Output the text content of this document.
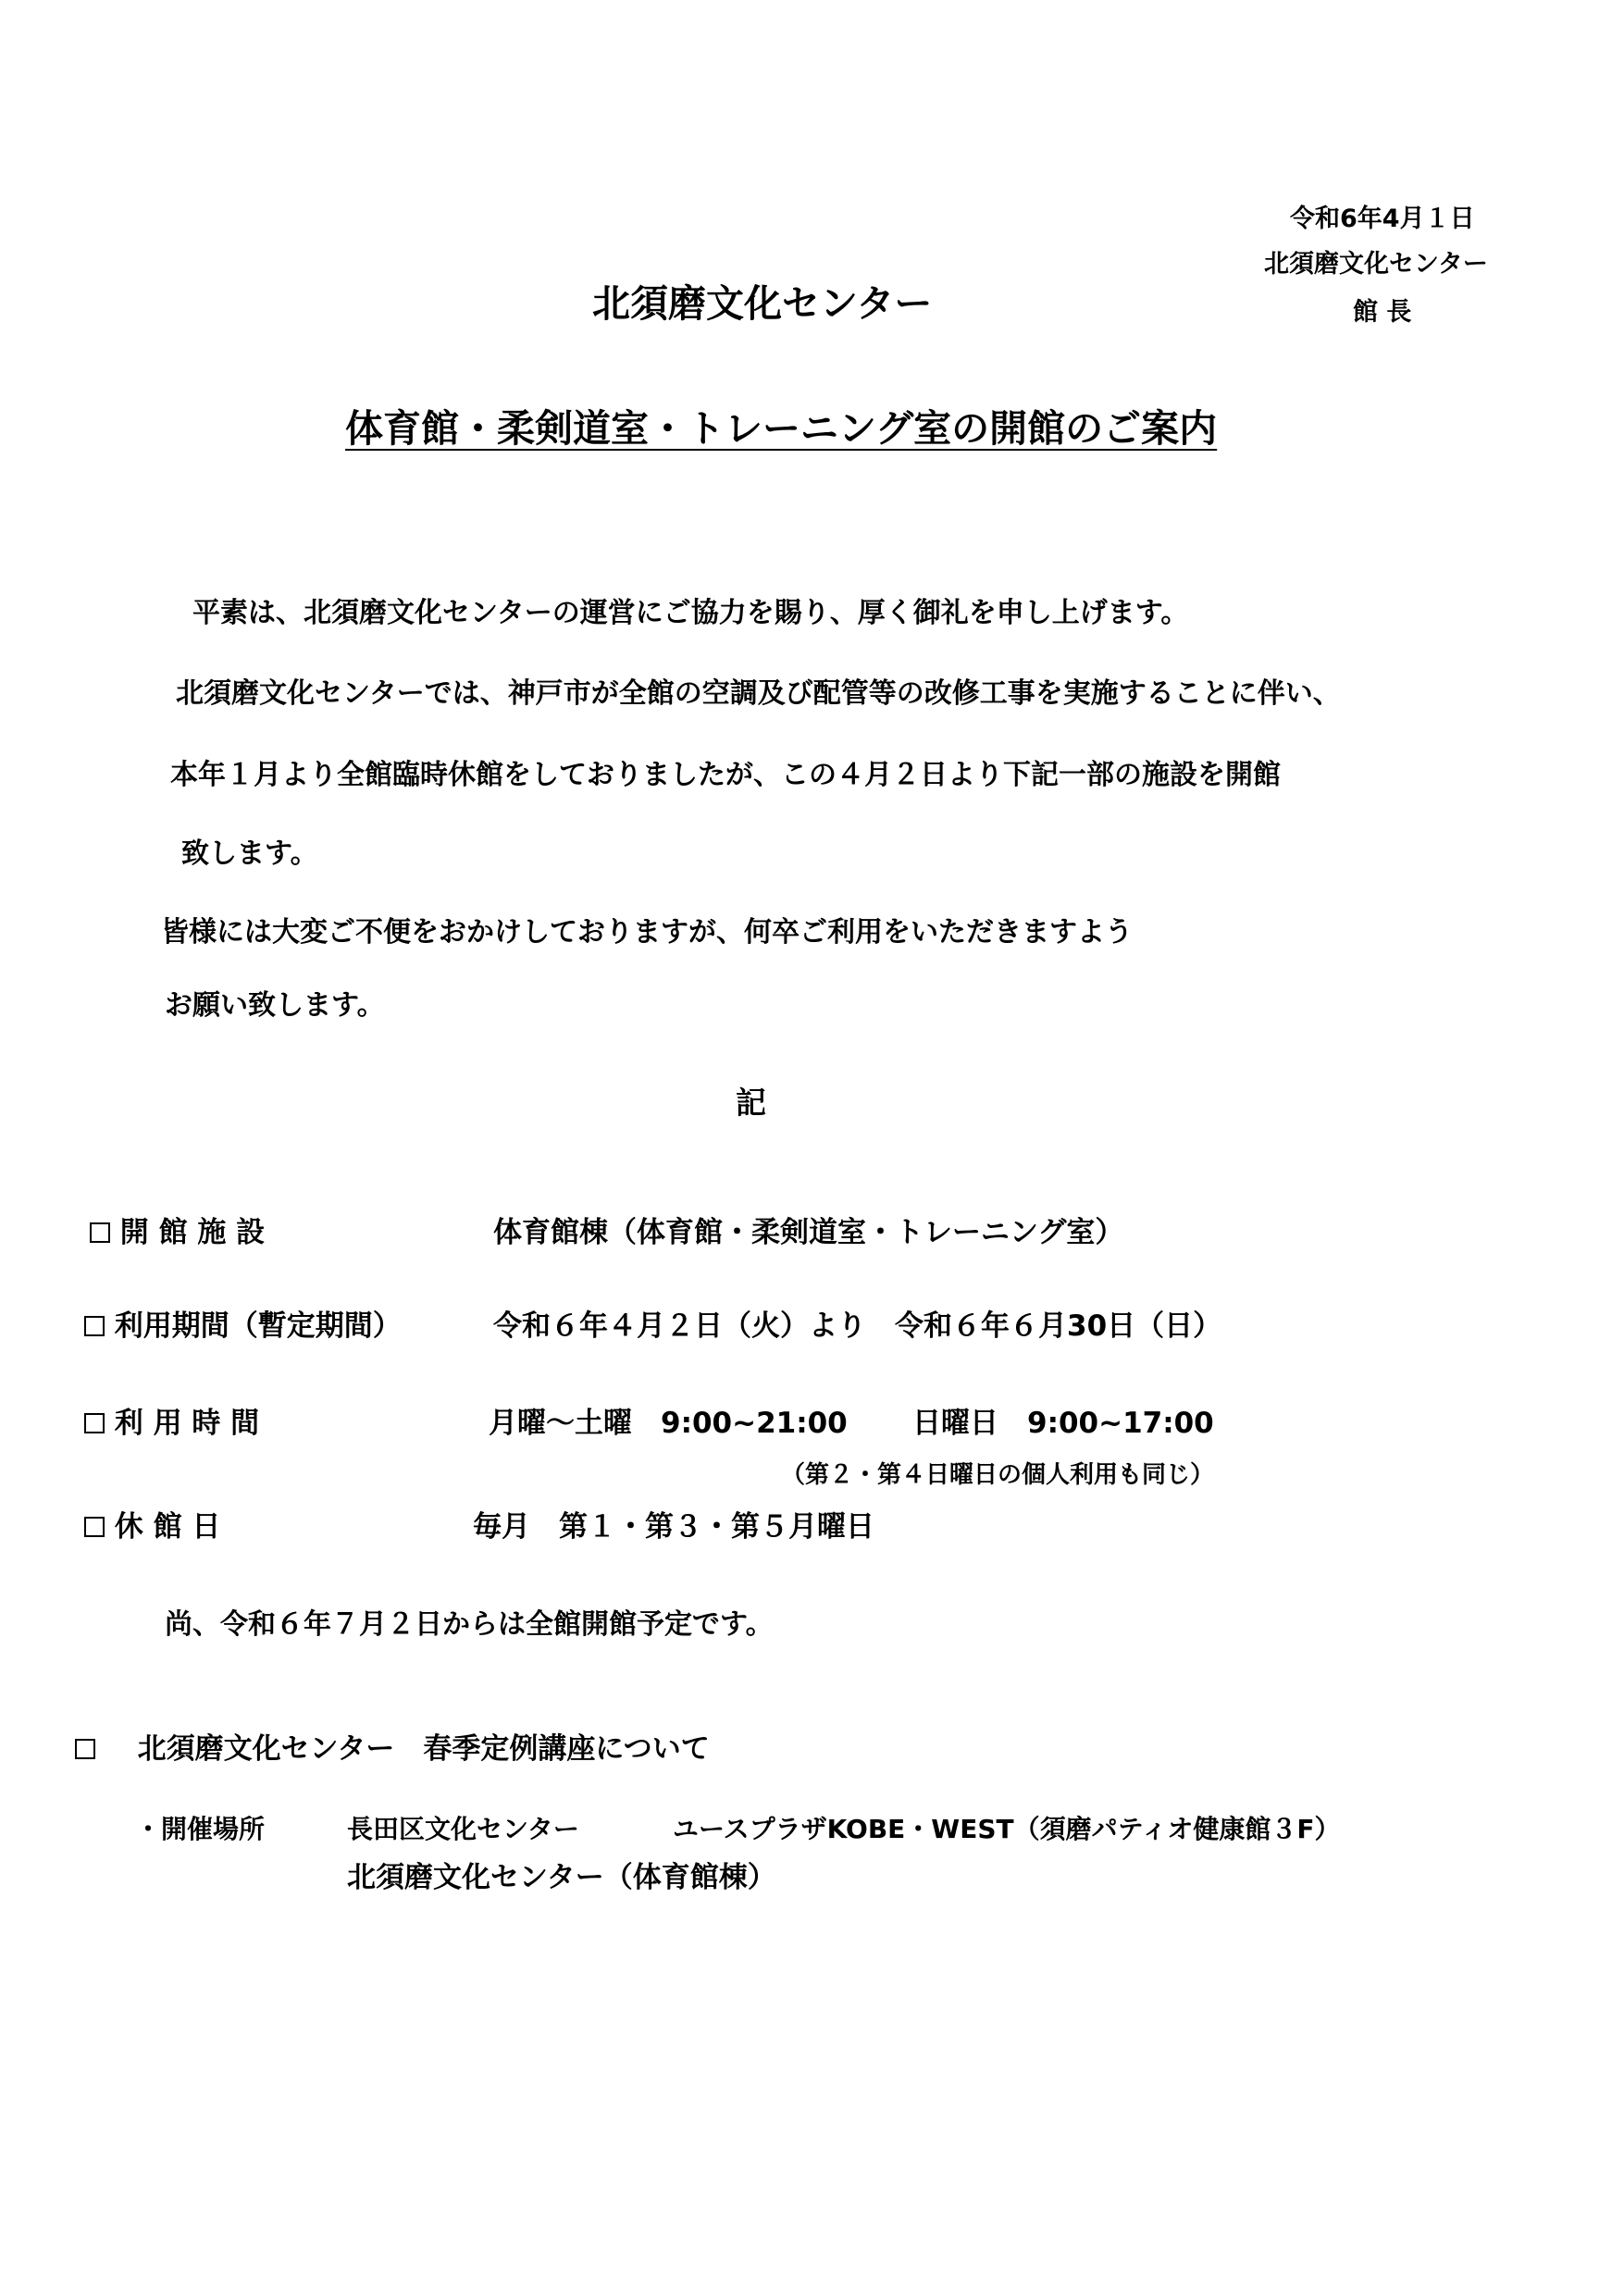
令和6年4月１日
北須磨文化センター
館 長
北須磨文化センター
体育館・柔剣道室・トレーニング室の開館のご案内
平素は、北須磨文化センターの運営にご協力を賜り、厚く御礼を申し上げます。
北須磨文化センターでは、神戸市が全館の空調及び配管等の改修工事を実施することに伴い、
本年１月より全館臨時休館をしておりましたが、この４月２日より下記一部の施設を開館
致します。
皆様には大変ご不便をおかけしておりますが、何卒ご利用をいただきますよう
お願い致します。
記
開 館 施 設	体育館棟（体育館・柔剣道室・トレーニング室）
利用期間（暫定期間）	令和６年４月２日（火）より　令和６年６月30日（日）
利 用 時 間	月曜～土曜　9:00~21:00 日曜日　9:00~17:00
（第２・第４日曜日の個人利用も同じ）
休 館 日	毎月　第１・第３・第５月曜日
尚、令和６年７月２日からは全館開館予定です。
北須磨文化センター　春季定例講座について
・開催場所	長田区文化センター	ユースプラザKOBE・WEST（須磨パティオ健康館３F）
北須磨文化センター（体育館棟）
